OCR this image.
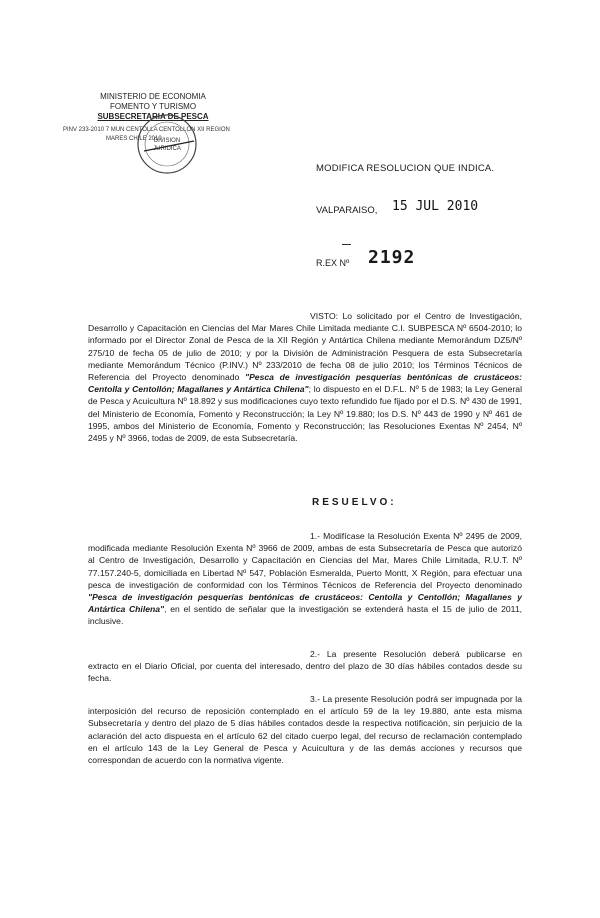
MINISTERIO DE ECONOMIA
FOMENTO Y TURISMO
SUBSECRETARIA DE PESCA
PINV 233-2010 7 MUN CENTOLLA CENTOLLON XII REGION
MARES CHILE 2010
DIVISION
JURIDICA
MODIFICA RESOLUCION QUE INDICA.
VALPARAISO, 15 JUL 2010
R.EX Nº 2192

VISTO: Lo solicitado por el Centro de Investigación, Desarrollo y Capacitación en Ciencias del Mar Mares Chile Limitada mediante C.I. SUBPESCA Nº 6504-2010; lo informado por el Director Zonal de Pesca de la XII Región y Antártica Chilena mediante Memorándum DZ5/Nº 275/10 de fecha 05 de julio de 2010; y por la División de Administración Pesquera de esta Subsecretaría mediante Memorándum Técnico (P.INV.) Nº 233/2010 de fecha 08 de julio 2010; los Términos Técnicos de Referencia del Proyecto denominado "Pesca de investigación pesquerías bentónicas de crustáceos: Centolla y Centollón; Magallanes y Antártica Chilena"; lo dispuesto en el D.F.L. Nº 5 de 1983; la Ley General de Pesca y Acuicultura Nº 18.892 y sus modificaciones cuyo texto refundido fue fijado por el D.S. Nº 430 de 1991, del Ministerio de Economía, Fomento y Reconstrucción; la Ley Nº 19.880; los D.S. Nº 443 de 1990 y Nº 461 de 1995, ambos del Ministerio de Economía, Fomento y Reconstrucción; las Resoluciones Exentas Nº 2454, Nº 2495 y Nº 3966, todas de 2009, de esta Subsecretaría.

RESUELVO:

1.- Modifícase la Resolución Exenta Nº 2495 de 2009, modificada mediante Resolución Exenta Nº 3966 de 2009, ambas de esta Subsecretaría de Pesca que autorizó al Centro de Investigación, Desarrollo y Capacitación en Ciencias del Mar, Mares Chile Limitada, R.U.T. Nº 77.157.240-5, domiciliada en Libertad Nº 547, Población Esmeralda, Puerto Montt, X Región, para efectuar una pesca de investigación de conformidad con los Términos Técnicos de Referencia del Proyecto denominado "Pesca de investigación pesquerías bentónicas de crustáceos: Centolla y Centollón; Magallanes y Antártica Chilena", en el sentido de señalar que la investigación se extenderá hasta el 15 de julio de 2011, inclusive.

2.- La presente Resolución deberá publicarse en extracto en el Diario Oficial, por cuenta del interesado, dentro del plazo de 30 días hábiles contados desde su fecha.

3.- La presente Resolución podrá ser impugnada por la interposición del recurso de reposición contemplado en el artículo 59 de la ley 19.880, ante esta misma Subsecretaría y dentro del plazo de 5 días hábiles contados desde la respectiva notificación, sin perjuicio de la aclaración del acto dispuesta en el artículo 62 del citado cuerpo legal, del recurso de reclamación contemplado en el artículo 143 de la Ley General de Pesca y Acuicultura y de las demás acciones y recursos que correspondan de acuerdo con la normativa vigente.
